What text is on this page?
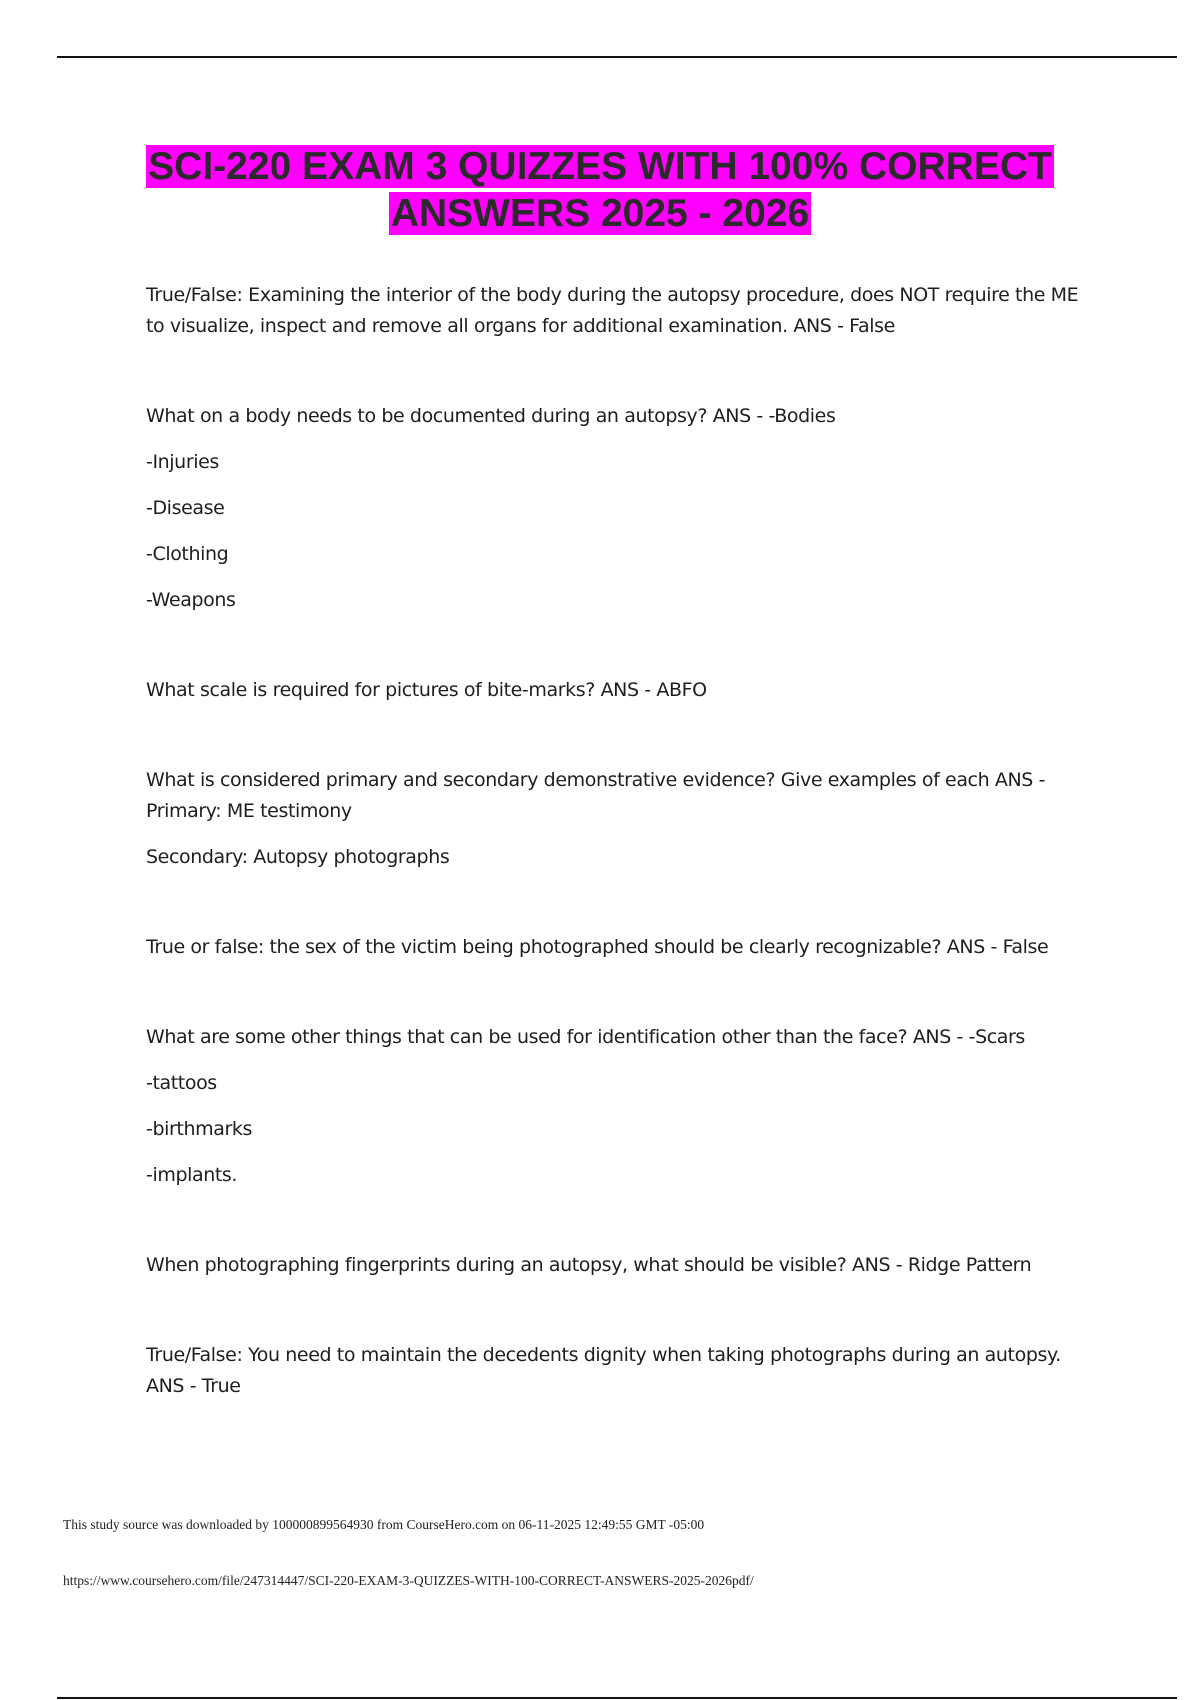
SCI-220 EXAM 3 QUIZZES WITH 100% CORRECT
ANSWERS 2025 - 2026

True/False: Examining the interior of the body during the autopsy procedure, does NOT require the ME to visualize, inspect and remove all organs for additional examination. ANS - False

What on a body needs to be documented during an autopsy? ANS - -Bodies

-Injuries

-Disease

-Clothing

-Weapons

What scale is required for pictures of bite-marks? ANS - ABFO

What is considered primary and secondary demonstrative evidence? Give examples of each ANS - Primary: ME testimony

Secondary: Autopsy photographs

True or false: the sex of the victim being photographed should be clearly recognizable? ANS - False

What are some other things that can be used for identification other than the face? ANS - -Scars

-tattoos

-birthmarks

-implants.

When photographing fingerprints during an autopsy, what should be visible? ANS - Ridge Pattern

True/False: You need to maintain the decedents dignity when taking photographs during an autopsy. ANS - True

This study source was downloaded by 100000899564930 from CourseHero.com on 06-11-2025 12:49:55 GMT -05:00
https://www.coursehero.com/file/247314447/SCI-220-EXAM-3-QUIZZES-WITH-100-CORRECT-ANSWERS-2025-2026pdf/
